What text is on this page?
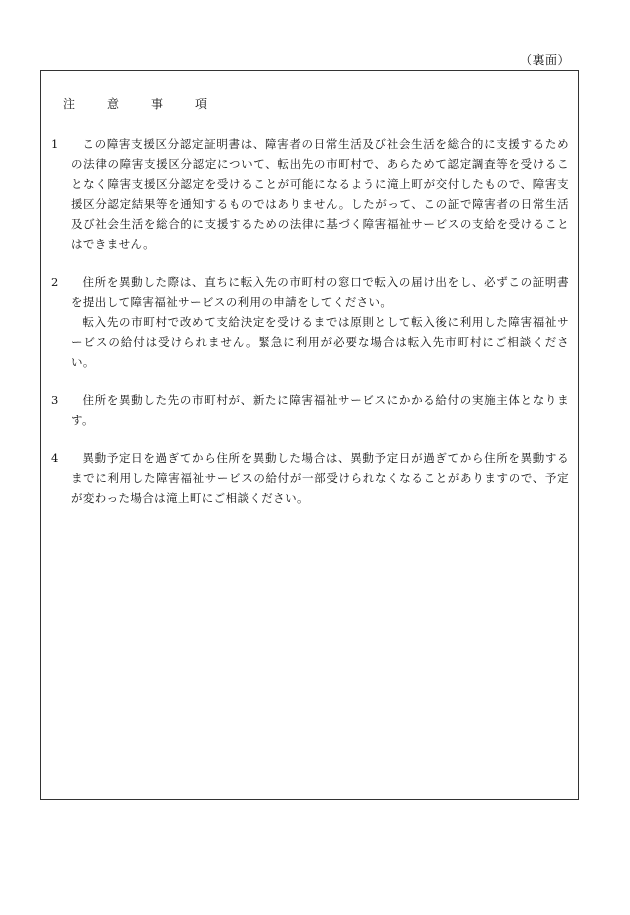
（裏面）
注　意　事　項
1	この障害支援区分認定証明書は、障害者の日常生活及び社会生活を総合的に支援するための法律の障害支援区分認定について、転出先の市町村で、あらためて認定調査等を受けることなく障害支援区分認定を受けることが可能になるように滝上町が交付したもので、障害支援区分認定結果等を通知するものではありません。したがって、この証で障害者の日常生活及び社会生活を総合的に支援するための法律に基づく障害福祉サービスの支給を受けることはできません。

2	住所を異動した際は、直ちに転入先の市町村の窓口で転入の届け出をし、必ずこの証明書を提出して障害福祉サービスの利用の申請をしてください。

転入先の市町村で改めて支給決定を受けるまでは原則として転入後に利用した障害福祉サービスの給付は受けられません。緊急に利用が必要な場合は転入先市町村にご相談ください。

3	住所を異動した先の市町村が、新たに障害福祉サービスにかかる給付の実施主体となります。

4	異動予定日を過ぎてから住所を異動した場合は、異動予定日が過ぎてから住所を異動するまでに利用した障害福祉サービスの給付が一部受けられなくなることがありますので、予定が変わった場合は滝上町にご相談ください。
